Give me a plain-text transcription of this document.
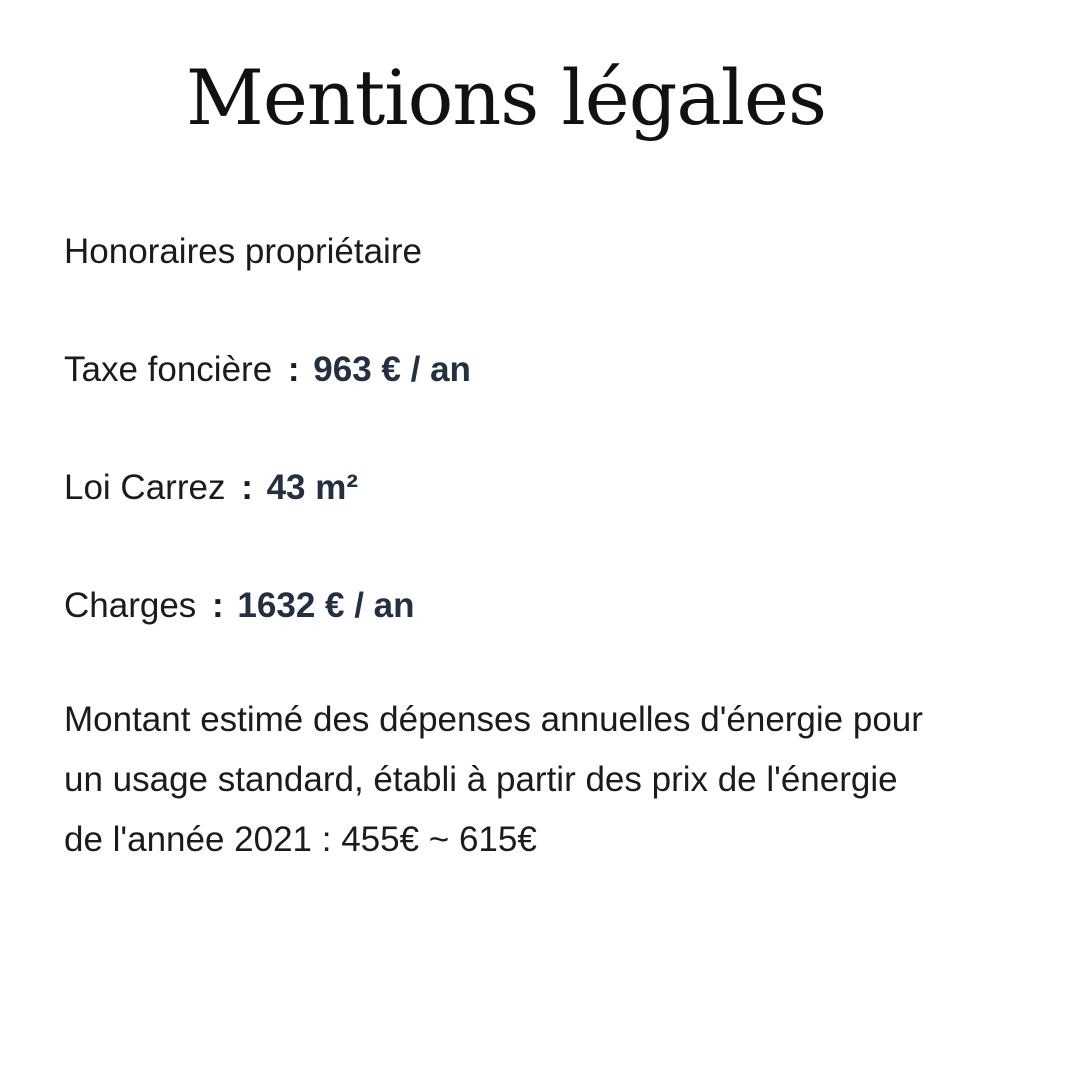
Mentions légales

Honoraires propriétaire

Taxe foncière : 963 € / an

Loi Carrez : 43 m²

Charges : 1632 € / an

Montant estimé des dépenses annuelles d'énergie pour un usage standard, établi à partir des prix de l'énergie de l'année 2021 : 455€ ~ 615€
